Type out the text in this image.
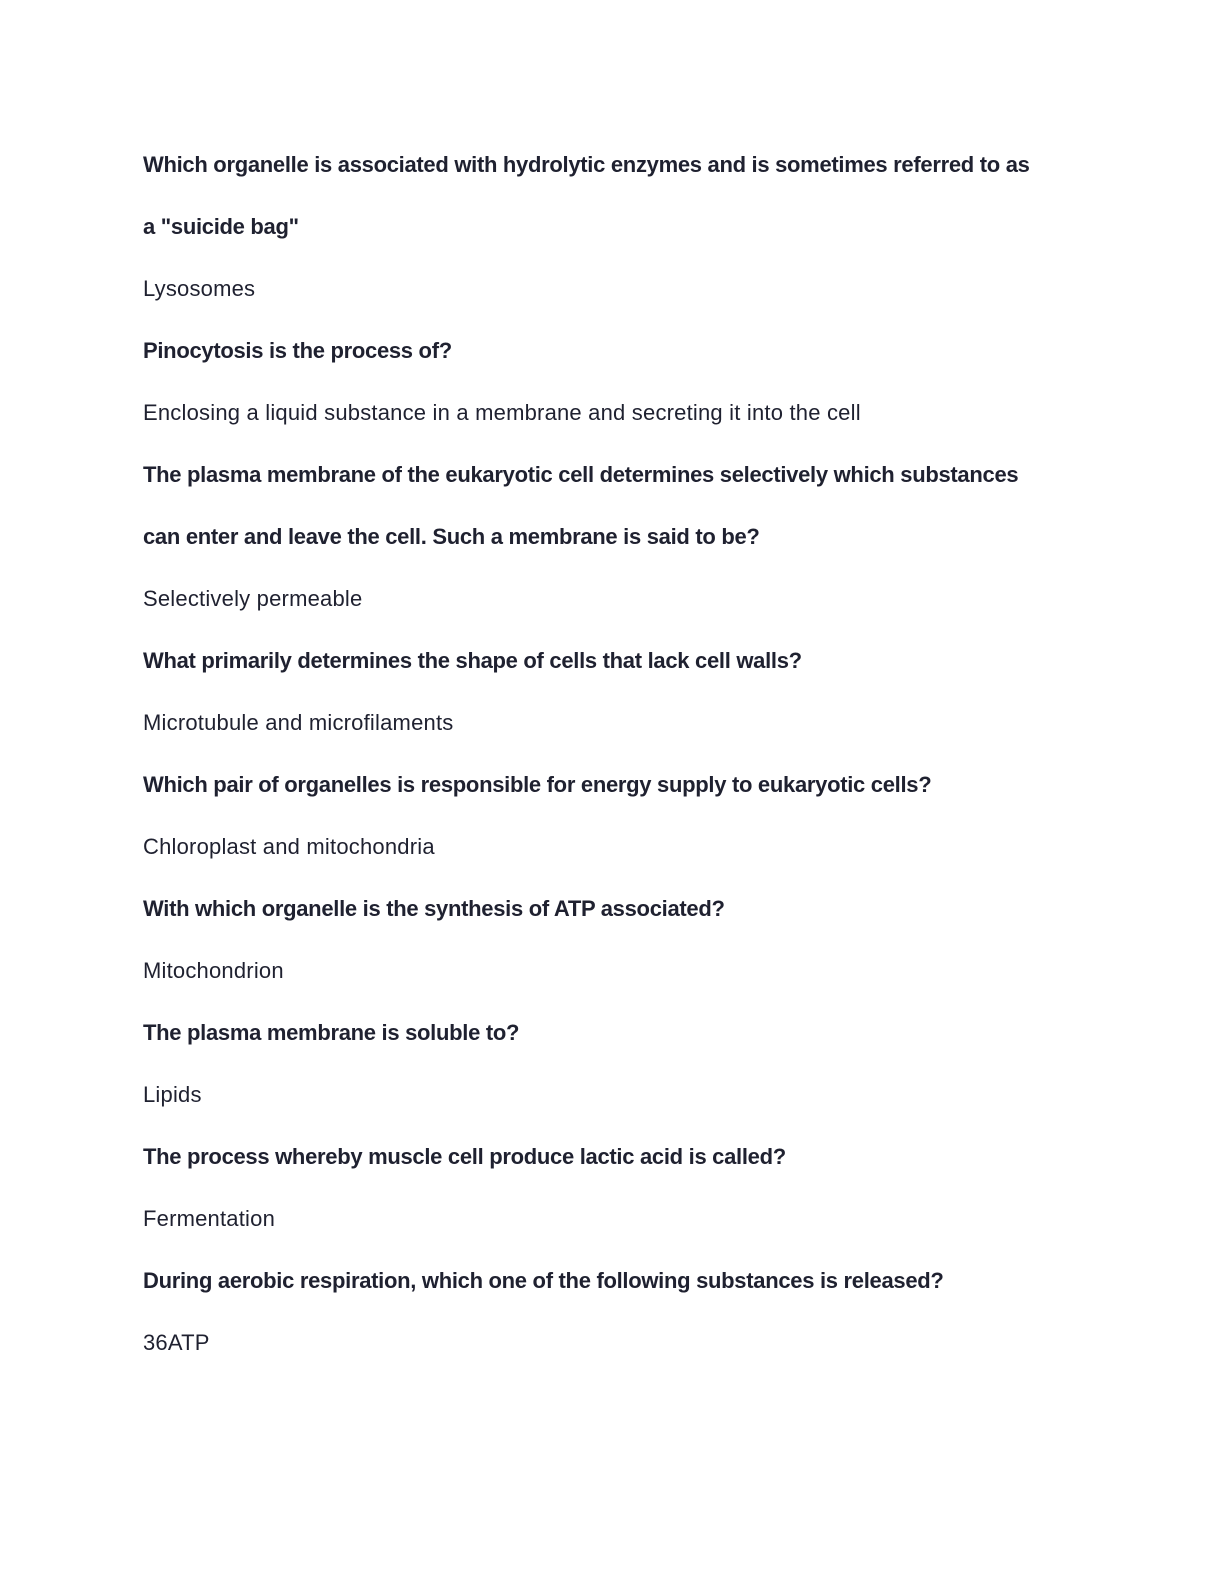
Which organelle is associated with hydrolytic enzymes and is sometimes referred to as

a "suicide bag"

Lysosomes

Pinocytosis is the process of?

Enclosing a liquid substance in a membrane and secreting it into the cell

The plasma membrane of the eukaryotic cell determines selectively which substances

can enter and leave the cell. Such a membrane is said to be?

Selectively permeable

What primarily determines the shape of cells that lack cell walls?

Microtubule and microfilaments

Which pair of organelles is responsible for energy supply to eukaryotic cells?

Chloroplast and mitochondria

With which organelle is the synthesis of ATP associated?

Mitochondrion

The plasma membrane is soluble to?

Lipids

The process whereby muscle cell produce lactic acid is called?

Fermentation

During aerobic respiration, which one of the following substances is released?

36ATP
